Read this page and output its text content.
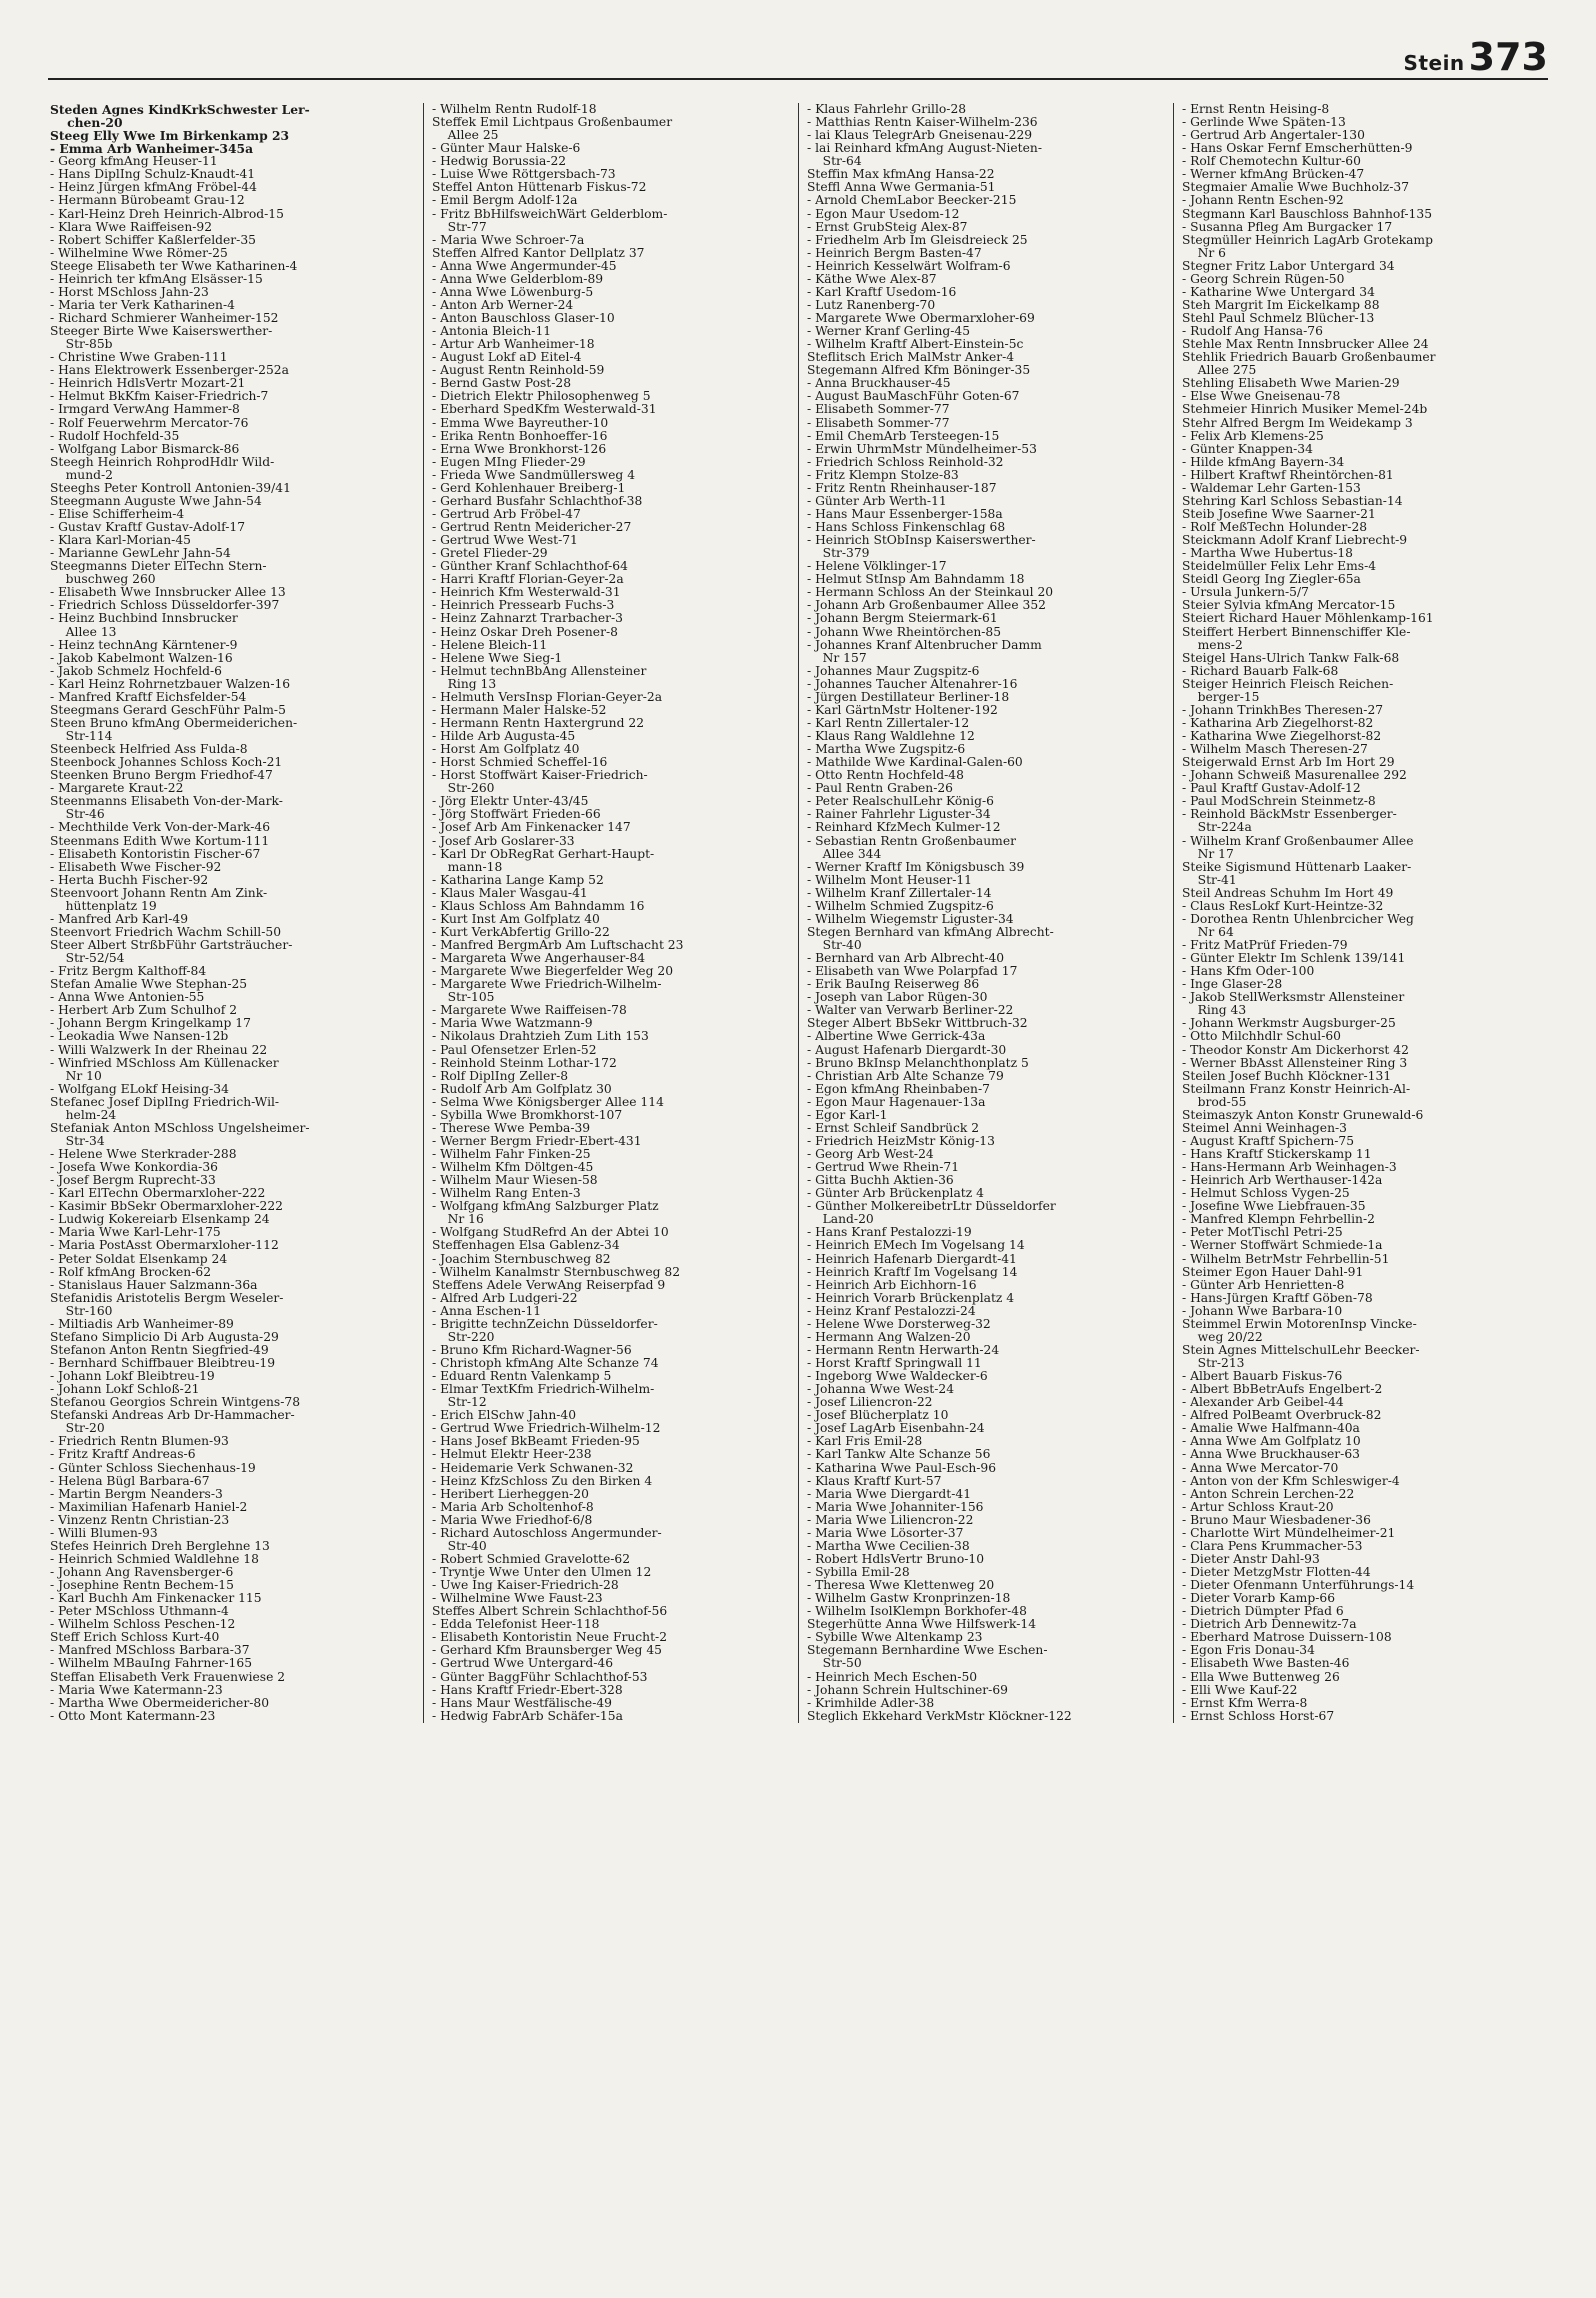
Stein 373

Steden Agnes KindKrkSchwester Ler-
chen-20

Steeg Elly Wwe Im Birkenkamp 23

- Emma Arb Wanheimer-345a

- Georg kfmAng Heuser-11

- Hans DiplIng Schulz-Knaudt-41

- Heinz Jürgen kfmAng Fröbel-44

- Hermann Bürobeamt Grau-12

- Karl-Heinz Dreh Heinrich-Albrod-15

- Klara Wwe Raiffeisen-92

- Robert Schiffer Kaßlerfelder-35

- Wilhelmine Wwe Römer-25

Steege Elisabeth ter Wwe Katharinen-4

- Heinrich ter kfmAng Elsässer-15

- Horst MSchloss Jahn-23

- Maria ter Verk Katharinen-4

- Richard Schmierer Wanheimer-152

Steeger Birte Wwe Kaiserswerther-
Str-85b

- Christine Wwe Graben-111

- Hans Elektrowerk Essenberger-252a

- Heinrich HdlsVertr Mozart-21

- Helmut BkKfm Kaiser-Friedrich-7

- Irmgard VerwAng Hammer-8

- Rolf Feuerwehrm Mercator-76

- Rudolf Hochfeld-35

- Wolfgang Labor Bismarck-86

Steegh Heinrich RohprodHdlr Wild-
mund-2

Steeghs Peter Kontroll Antonien-39/41

Steegmann Auguste Wwe Jahn-54

- Elise Schifferheim-4

- Gustav Kraftf Gustav-Adolf-17

- Klara Karl-Morian-45

- Marianne GewLehr Jahn-54

Steegmanns Dieter ElTechn Stern-
buschweg 260

- Elisabeth Wwe Innsbrucker Allee 13

- Friedrich Schloss Düsseldorfer-397

- Heinz Buchbind Innsbrucker
Allee 13

- Heinz technAng Kärntener-9

- Jakob Kabelmont Walzen-16

- Jakob Schmelz Hochfeld-6

- Karl Heinz Rohrnetzbauer Walzen-16

- Manfred Kraftf Eichsfelder-54

Steegmans Gerard GeschFühr Palm-5

Steen Bruno kfmAng Obermeiderichen-
Str-114

Steenbeck Helfried Ass Fulda-8

Steenbock Johannes Schloss Koch-21

Steenken Bruno Bergm Friedhof-47

- Margarete Kraut-22

Steenmanns Elisabeth Von-der-Mark-
Str-46

- Mechthilde Verk Von-der-Mark-46

Steenmans Edith Wwe Kortum-111

- Elisabeth Kontoristin Fischer-67

- Elisabeth Wwe Fischer-92

- Herta Buchh Fischer-92

Steenvoort Johann Rentn Am Zink-
hüttenplatz 19

- Manfred Arb Karl-49

Steenvort Friedrich Wachm Schill-50

Steer Albert StrßbFühr Gartsträucher-
Str-52/54

- Fritz Bergm Kalthoff-84

Stefan Amalie Wwe Stephan-25

- Anna Wwe Antonien-55

- Herbert Arb Zum Schulhof 2

- Johann Bergm Kringelkamp 17

- Leokadia Wwe Nansen-12b

- Willi Walzwerk In der Rheinau 22

- Winfried MSchloss Am Küllenacker
Nr 10

- Wolfgang ELokf Heising-34

Stefanec Josef DiplIng Friedrich-Wil-
helm-24

Stefaniak Anton MSchloss Ungelsheimer-
Str-34

- Helene Wwe Sterkrader-288

- Josefa Wwe Konkordia-36

- Josef Bergm Ruprecht-33

- Karl ElTechn Obermarxloher-222

- Kasimir BbSekr Obermarxloher-222

- Ludwig Kokereiarb Elsenkamp 24

- Maria Wwe Karl-Lehr-175

- Maria PostAsst Obermarxloher-112

- Peter Soldat Elsenkamp 24

- Rolf kfmAng Brocken-62

- Stanislaus Hauer Salzmann-36a

Stefanidis Aristotelis Bergm Weseler-
Str-160

- Miltiadis Arb Wanheimer-89

Stefano Simplicio Di Arb Augusta-29

Stefanon Anton Rentn Siegfried-49

- Bernhard Schiffbauer Bleibtreu-19

- Johann Lokf Bleibtreu-19

- Johann Lokf Schloß-21

Stefanou Georgios Schrein Wintgens-78

Stefanski Andreas Arb Dr-Hammacher-
Str-20

- Friedrich Rentn Blumen-93

- Fritz Kraftf Andreas-6

- Günter Schloss Siechenhaus-19

- Helena Bügl Barbara-67

- Martin Bergm Neanders-3

- Maximilian Hafenarb Haniel-2

- Vinzenz Rentn Christian-23

- Willi Blumen-93

Stefes Heinrich Dreh Berglehne 13

- Heinrich Schmied Waldlehne 18

- Johann Ang Ravensberger-6

- Josephine Rentn Bechem-15

- Karl Buchh Am Finkenacker 115

- Peter MSchloss Uthmann-4

- Wilhelm Schloss Peschen-12

Steff Erich Schloss Kurt-40

- Manfred MSchloss Barbara-37

- Wilhelm MBauIng Fahrner-165

Steffan Elisabeth Verk Frauenwiese 2

- Maria Wwe Katermann-23

- Martha Wwe Obermeidericher-80

- Otto Mont Katermann-23

- Wilhelm Rentn Rudolf-18

Steffek Emil Lichtpaus Großenbaumer
Allee 25

- Günter Maur Halske-6

- Hedwig Borussia-22

- Luise Wwe Röttgersbach-73

Steffel Anton Hüttenarb Fiskus-72

- Emil Bergm Adolf-12a

- Fritz BbHilfsweichWärt Gelderblom-
Str-77

- Maria Wwe Schroer-7a

Steffen Alfred Kantor Dellplatz 37

- Anna Wwe Angermunder-45

- Anna Wwe Gelderblom-89

- Anna Wwe Löwenburg-5

- Anton Arb Werner-24

- Anton Bauschloss Glaser-10

- Antonia Bleich-11

- Artur Arb Wanheimer-18

- August Lokf aD Eitel-4

- August Rentn Reinhold-59

- Bernd Gastw Post-28

- Dietrich Elektr Philosophenweg 5

- Eberhard SpedKfm Westerwald-31

- Emma Wwe Bayreuther-10

- Erika Rentn Bonhoeffer-16

- Erna Wwe Bronkhorst-126

- Eugen MIng Flieder-29

- Frieda Wwe Sandmüllersweg 4

- Gerd Kohlenhauer Breiberg-1

- Gerhard Busfahr Schlachthof-38

- Gertrud Arb Fröbel-47

- Gertrud Rentn Meidericher-27

- Gertrud Wwe West-71

- Gretel Flieder-29

- Günther Kranf Schlachthof-64

- Harri Kraftf Florian-Geyer-2a

- Heinrich Kfm Westerwald-31

- Heinrich Pressearb Fuchs-3

- Heinz Zahnarzt Trarbacher-3

- Heinz Oskar Dreh Posener-8

- Helene Bleich-11

- Helene Wwe Sieg-1

- Helmut technBbAng Allensteiner
Ring 13

- Helmuth VersInsp Florian-Geyer-2a

- Hermann Maler Halske-52

- Hermann Rentn Haxtergrund 22

- Hilde Arb Augusta-45

- Horst Am Golfplatz 40

- Horst Schmied Scheffel-16

- Horst Stoffwärt Kaiser-Friedrich-
Str-260

- Jörg Elektr Unter-43/45

- Jörg Stoffwärt Frieden-66

- Josef Arb Am Finkenacker 147

- Josef Arb Goslarer-33

- Karl Dr ObRegRat Gerhart-Haupt-
mann-18

- Katharina Lange Kamp 52

- Klaus Maler Wasgau-41

- Klaus Schloss Am Bahndamm 16

- Kurt Inst Am Golfplatz 40

- Kurt VerkAbfertig Grillo-22

- Manfred BergmArb Am Luftschacht 23

- Margareta Wwe Angerhauser-84

- Margarete Wwe Biegerfelder Weg 20

- Margarete Wwe Friedrich-Wilhelm-
Str-105

- Margarete Wwe Raiffeisen-78

- Maria Wwe Watzmann-9

- Nikolaus Drahtzieh Zum Lith 153

- Paul Ofensetzer Erlen-52

- Reinhold Steinm Lothar-172

- Rolf DiplIng Zeller-8

- Rudolf Arb Am Golfplatz 30

- Selma Wwe Königsberger Allee 114

- Sybilla Wwe Bromkhorst-107

- Therese Wwe Pemba-39

- Werner Bergm Friedr-Ebert-431

- Wilhelm Fahr Finken-25

- Wilhelm Kfm Döltgen-45

- Wilhelm Maur Wiesen-58

- Wilhelm Rang Enten-3

- Wolfgang kfmAng Salzburger Platz
Nr 16

- Wolfgang StudRefrd An der Abtei 10

Steffenhagen Elsa Gablenz-34

- Joachim Sternbuschweg 82

- Wilhelm Kanalmstr Sternbuschweg 82

Steffens Adele VerwAng Reiserpfad 9

- Alfred Arb Ludgeri-22

- Anna Eschen-11

- Brigitte technZeichn Düsseldorfer-
Str-220

- Bruno Kfm Richard-Wagner-56

- Christoph kfmAng Alte Schanze 74

- Eduard Rentn Valenkamp 5

- Elmar TextKfm Friedrich-Wilhelm-
Str-12

- Erich ElSchw Jahn-40

- Gertrud Wwe Friedrich-Wilhelm-12

- Hans Josef BkBeamt Frieden-95

- Helmut Elektr Heer-238

- Heidemarie Verk Schwanen-32

- Heinz KfzSchloss Zu den Birken 4

- Heribert Lierheggen-20

- Maria Arb Scholtenhof-8

- Maria Wwe Friedhof-6/8

- Richard Autoschloss Angermunder-
Str-40

- Robert Schmied Gravelotte-62

- Tryntje Wwe Unter den Ulmen 12

- Uwe Ing Kaiser-Friedrich-28

- Wilhelmine Wwe Faust-23

Steffes Albert Schrein Schlachthof-56

- Edda Telefonist Heer-118

- Elisabeth Kontoristin Neue Frucht-2

- Gerhard Kfm Braunsberger Weg 45

- Gertrud Wwe Untergard-46

- Günter BaggFühr Schlachthof-53

- Hans Kraftf Friedr-Ebert-328

- Hans Maur Westfälische-49

- Hedwig FabrArb Schäfer-15a

- Klaus Fahrlehr Grillo-28

- Matthias Rentn Kaiser-Wilhelm-236

- lai Klaus TelegrArb Gneisenau-229

- lai Reinhard kfmAng August-Nieten-
Str-64

Steffin Max kfmAng Hansa-22

Steffl Anna Wwe Germania-51

- Arnold ChemLabor Beecker-215

- Egon Maur Usedom-12

- Ernst GrubSteig Alex-87

- Friedhelm Arb Im Gleisdreieck 25

- Heinrich Bergm Basten-47

- Heinrich Kesselwärt Wolfram-6

- Käthe Wwe Alex-87

- Karl Kraftf Usedom-16

- Lutz Ranenberg-70

- Margarete Wwe Obermarxloher-69

- Werner Kranf Gerling-45

- Wilhelm Kraftf Albert-Einstein-5c

Steflitsch Erich MalMstr Anker-4

Stegemann Alfred Kfm Böninger-35

- Anna Bruckhauser-45

- August BauMaschFühr Goten-67

- Elisabeth Sommer-77

- Elisabeth Sommer-77

- Emil ChemArb Tersteegen-15

- Erwin UhrmMstr Mündelheimer-53

- Friedrich Schloss Reinhold-32

- Fritz Klempn Stolze-83

- Fritz Rentn Rheinhauser-187

- Günter Arb Werth-11

- Hans Maur Essenberger-158a

- Hans Schloss Finkenschlag 68

- Heinrich StObInsp Kaiserswerther-
Str-379

- Helene Völklinger-17

- Helmut StInsp Am Bahndamm 18

- Hermann Schloss An der Steinkaul 20

- Johann Arb Großenbaumer Allee 352

- Johann Bergm Steiermark-61

- Johann Wwe Rheintörchen-85

- Johannes Kranf Altenbrucher Damm
Nr 157

- Johannes Maur Zugspitz-6

- Johannes Taucher Altenahrer-16

- Jürgen Destillateur Berliner-18

- Karl GärtnMstr Holtener-192

- Karl Rentn Zillertaler-12

- Klaus Rang Waldlehne 12

- Martha Wwe Zugspitz-6

- Mathilde Wwe Kardinal-Galen-60

- Otto Rentn Hochfeld-48

- Paul Rentn Graben-26

- Peter RealschulLehr König-6

- Rainer Fahrlehr Liguster-34

- Reinhard KfzMech Kulmer-12

- Sebastian Rentn Großenbaumer
Allee 344

- Werner Kraftf Im Königsbusch 39

- Wilhelm Mont Heuser-11

- Wilhelm Kranf Zillertaler-14

- Wilhelm Schmied Zugspitz-6

- Wilhelm Wiegemstr Liguster-34

Stegen Bernhard van kfmAng Albrecht-
Str-40

- Bernhard van Arb Albrecht-40

- Elisabeth van Wwe Polarpfad 17

- Erik BauIng Reiserweg 86

- Joseph van Labor Rügen-30

- Walter van Verwarb Berliner-22

Steger Albert BbSekr Wittbruch-32

- Albertine Wwe Gerrick-43a

- August Hafenarb Diergardt-30

- Bruno BkInsp Melanchthonplatz 5

- Christian Arb Alte Schanze 79

- Egon kfmAng Rheinbaben-7

- Egon Maur Hagenauer-13a

- Egor Karl-1

- Ernst Schleif Sandbrück 2

- Friedrich HeizMstr König-13

- Georg Arb West-24

- Gertrud Wwe Rhein-71

- Gitta Buchh Aktien-36

- Günter Arb Brückenplatz 4

- Günther MolkereibetrLtr Düsseldorfer
Land-20

- Hans Kranf Pestalozzi-19

- Heinrich EMech Im Vogelsang 14

- Heinrich Hafenarb Diergardt-41

- Heinrich Kraftf Im Vogelsang 14

- Heinrich Arb Eichhorn-16

- Heinrich Vorarb Brückenplatz 4

- Heinz Kranf Pestalozzi-24

- Helene Wwe Dorsterweg-32

- Hermann Ang Walzen-20

- Hermann Rentn Herwarth-24

- Horst Kraftf Springwall 11

- Ingeborg Wwe Waldecker-6

- Johanna Wwe West-24

- Josef Liliencron-22

- Josef Blücherplatz 10

- Josef LagArb Eisenbahn-24

- Karl Fris Emil-28

- Karl Tankw Alte Schanze 56

- Katharina Wwe Paul-Esch-96

- Klaus Kraftf Kurt-57

- Maria Wwe Diergardt-41

- Maria Wwe Johanniter-156

- Maria Wwe Liliencron-22

- Maria Wwe Lösorter-37

- Martha Wwe Cecilien-38

- Robert HdlsVertr Bruno-10

- Sybilla Emil-28

- Theresa Wwe Klettenweg 20

- Wilhelm Gastw Kronprinzen-18

- Wilhelm IsolKlempn Borkhofer-48

Stegerhütte Anna Wwe Hilfswerk-14

- Sybille Wwe Altenkamp 23

Stegemann Bernhardine Wwe Eschen-
Str-50

- Heinrich Mech Eschen-50

- Johann Schrein Hultschiner-69

- Krimhilde Adler-38

Steglich Ekkehard VerkMstr Klöckner-122

- Ernst Rentn Heising-8

- Gerlinde Wwe Späten-13

- Gertrud Arb Angertaler-130

- Hans Oskar Fernf Emscherhütten-9

- Rolf Chemotechn Kultur-60

- Werner kfmAng Brücken-47

Stegmaier Amalie Wwe Buchholz-37

- Johann Rentn Eschen-92

Stegmann Karl Bauschloss Bahnhof-135

- Susanna Pfleg Am Burgacker 17

Stegmüller Heinrich LagArb Grotekamp
Nr 6

Stegner Fritz Labor Untergard 34

- Georg Schrein Rügen-50

- Katharine Wwe Untergard 34

Steh Margrit Im Eickelkamp 88

Stehl Paul Schmelz Blücher-13

- Rudolf Ang Hansa-76

Stehle Max Rentn Innsbrucker Allee 24

Stehlik Friedrich Bauarb Großenbaumer
Allee 275

Stehling Elisabeth Wwe Marien-29

- Else Wwe Gneisenau-78

Stehmeier Hinrich Musiker Memel-24b

Stehr Alfred Bergm Im Weidekamp 3

- Felix Arb Klemens-25

- Günter Knappen-34

- Hilde kfmAng Bayern-34

- Hilbert Kraftwf Rheintörchen-81

- Waldemar Lehr Garten-153

Stehring Karl Schloss Sebastian-14

Steib Josefine Wwe Saarner-21

- Rolf MeßTechn Holunder-28

Steickmann Adolf Kranf Liebrecht-9

- Martha Wwe Hubertus-18

Steidelmüller Felix Lehr Ems-4

Steidl Georg Ing Ziegler-65a

- Ursula Junkern-5/7

Steier Sylvia kfmAng Mercator-15

Steiert Richard Hauer Möhlenkamp-161

Steiffert Herbert Binnenschiffer Kle-
mens-2

Steigel Hans-Ulrich Tankw Falk-68

- Richard Bauarb Falk-68

Steiger Heinrich Fleisch Reichen-
berger-15

- Johann TrinkhBes Theresen-27

- Katharina Arb Ziegelhorst-82

- Katharina Wwe Ziegelhorst-82

- Wilhelm Masch Theresen-27

Steigerwald Ernst Arb Im Hort 29

- Johann Schweiß Masurenallee 292

- Paul Kraftf Gustav-Adolf-12

- Paul ModSchrein Steinmetz-8

- Reinhold BäckMstr Essenberger-
Str-224a

- Wilhelm Kranf Großenbaumer Allee
Nr 17

Steike Sigismund Hüttenarb Laaker-
Str-41

Steil Andreas Schuhm Im Hort 49

- Claus ResLokf Kurt-Heintze-32

- Dorothea Rentn Uhlenbrcicher Weg
Nr 64

- Fritz MatPrüf Frieden-79

- Günter Elektr Im Schlenk 139/141

- Hans Kfm Oder-100

- Inge Glaser-28

- Jakob StellWerksmstr Allensteiner
Ring 43

- Johann Werkmstr Augsburger-25

- Otto Milchhdlr Schul-60

- Theodor Konstr Am Dickerhorst 42

- Werner BbAsst Allensteiner Ring 3

Steilen Josef Buchh Klöckner-131

Steilmann Franz Konstr Heinrich-Al-
brod-55

Steimaszyk Anton Konstr Grunewald-6

Steimel Anni Weinhagen-3

- August Kraftf Spichern-75

- Hans Kraftf Stickerskamp 11

- Hans-Hermann Arb Weinhagen-3

- Heinrich Arb Werthauser-142a

- Helmut Schloss Vygen-25

- Josefine Wwe Liebfrauen-35

- Manfred Klempn Fehrbellin-2

- Peter MotTischl Petri-25

- Werner Stoffwärt Schmiede-1a

- Wilhelm BetrMstr Fehrbellin-51

Steimer Egon Hauer Dahl-91

- Günter Arb Henrietten-8

- Hans-Jürgen Kraftf Göben-78

- Johann Wwe Barbara-10

Steimmel Erwin MotorenInsp Vincke-
weg 20/22

Stein Agnes MittelschulLehr Beecker-
Str-213

- Albert Bauarb Fiskus-76

- Albert BbBetrAufs Engelbert-2

- Alexander Arb Geibel-44

- Alfred PolBeamt Overbruck-82

- Amalie Wwe Halfmann-40a

- Anna Wwe Am Golfplatz 10

- Anna Wwe Bruckhauser-63

- Anna Wwe Mercator-70

- Anton von der Kfm Schleswiger-4

- Anton Schrein Lerchen-22

- Artur Schloss Kraut-20

- Bruno Maur Wiesbadener-36

- Charlotte Wirt Mündelheimer-21

- Clara Pens Krummacher-53

- Dieter Anstr Dahl-93

- Dieter MetzgMstr Flotten-44

- Dieter Ofenmann Unterführungs-14

- Dieter Vorarb Kamp-66

- Dietrich Dümpter Pfad 6

- Dietrich Arb Dennewitz-7a

- Eberhard Matrose Duissern-108

- Egon Fris Donau-34

- Elisabeth Wwe Basten-46

- Ella Wwe Buttenweg 26

- Elli Wwe Kauf-22

- Ernst Kfm Werra-8

- Ernst Schloss Horst-67
